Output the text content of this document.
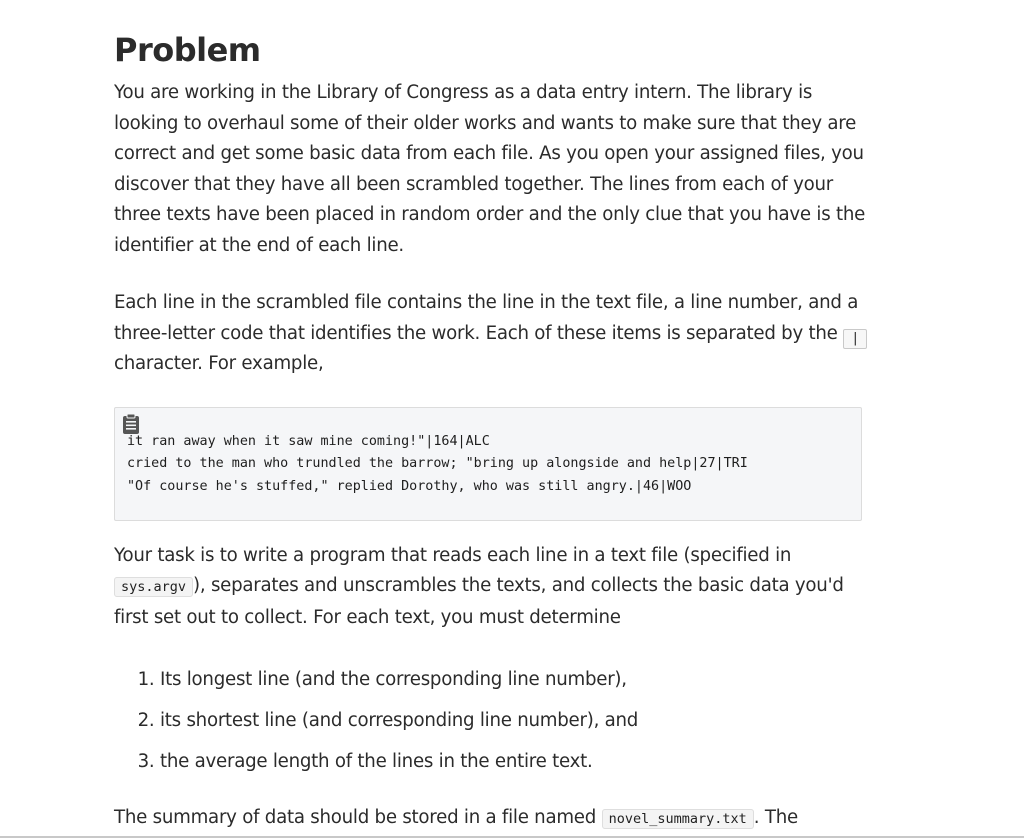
Problem

You are working in the Library of Congress as a data entry intern. The library is looking to overhaul some of their older works and wants to make sure that they are correct and get some basic data from each file. As you open your assigned files, you discover that they have all been scrambled together. The lines from each of your three texts have been placed in random order and the only clue that you have is the identifier at the end of each line.

Each line in the scrambled file contains the line in the text file, a line number, and a three-letter code that identifies the work. Each of these items is separated by the |character. For example,

it ran away when it saw mine coming!"|164|ALC
cried to the man who trundled the barrow; "bring up alongside and help|27|TRI
"Of course he's stuffed," replied Dorothy, who was still angry.|46|WOO

Your task is to write a program that reads each line in a text file (specified in sys.argv ), separates and unscrambles the texts, and collects the basic data you'd first set out to collect. For each text, you must determine

1. Its longest line (and the corresponding line number),
2. its shortest line (and corresponding line number), and
3. the average length of the lines in the entire text.

The summary of data should be stored in a file named novel_summary.txt . The
